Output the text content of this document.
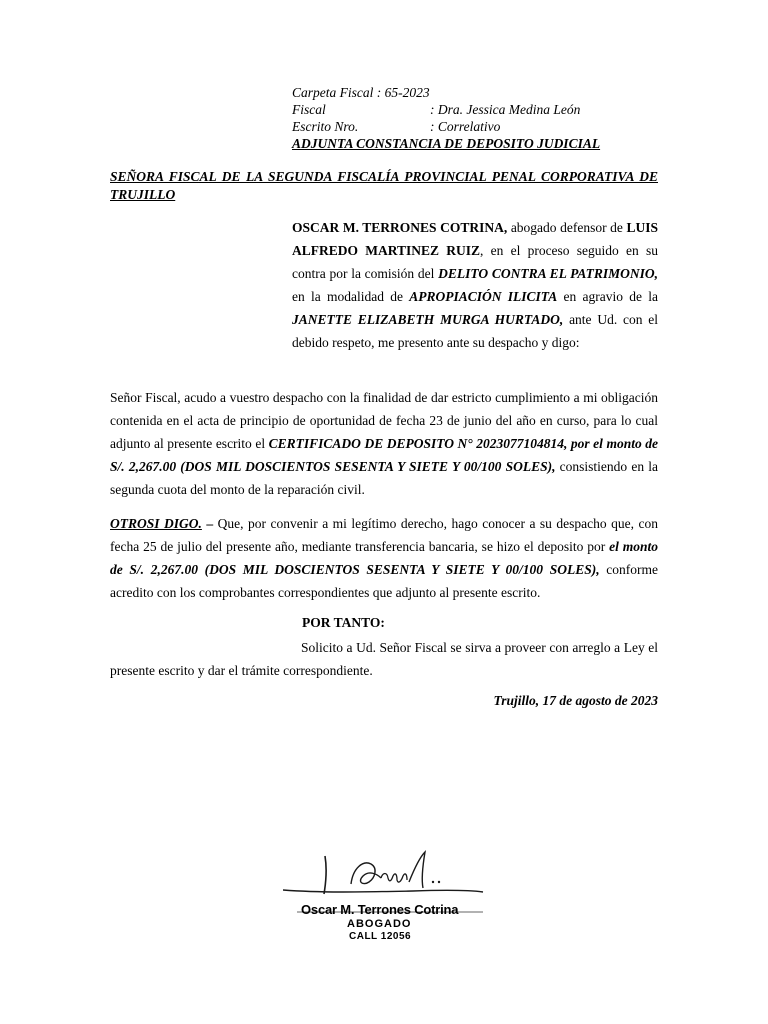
Carpeta Fiscal
: 65-2023
Fiscal	: Dra. Jessica Medina León
Escrito Nro.	: Correlativo
ADJUNTA CONSTANCIA DE DEPOSITO JUDICIAL
SEÑORA FISCAL DE LA SEGUNDA FISCALÍA PROVINCIAL PENAL CORPORATIVA DE TRUJILLO
OSCAR M. TERRONES COTRINA, abogado defensor de LUIS ALFREDO MARTINEZ RUIZ, en el proceso seguido en su contra por la comisión del DELITO CONTRA EL PATRIMONIO, en la modalidad de APROPIACIÓN ILICITA en agravio de la JANETTE ELIZABETH MURGA HURTADO, ante Ud. con el debido respeto, me presento ante su despacho y digo:
Señor Fiscal, acudo a vuestro despacho con la finalidad de dar estricto cumplimiento a mi obligación contenida en el acta de principio de oportunidad de fecha 23 de junio del año en curso, para lo cual adjunto al presente escrito el CERTIFICADO DE DEPOSITO N° 2023077104814, por el monto de S/. 2,267.00 (DOS MIL DOSCIENTOS SESENTA Y SIETE Y 00/100 SOLES), consistiendo en la segunda cuota del monto de la reparación civil.
OTROSI DIGO. – Que, por convenir a mi legítimo derecho, hago conocer a su despacho que, con fecha 25 de julio del presente año, mediante transferencia bancaria, se hizo el deposito por el monto de S/. 2,267.00 (DOS MIL DOSCIENTOS SESENTA Y SIETE Y 00/100 SOLES), conforme acredito con los comprobantes correspondientes que adjunto al presente escrito.
POR TANTO:
Solicito a Ud. Señor Fiscal se sirva a proveer con arreglo a Ley el presente escrito y dar el trámite correspondiente.
Trujillo, 17 de agosto de 2023
Oscar M. Terrones Cotrina
ABOGADO
CALL 12056
